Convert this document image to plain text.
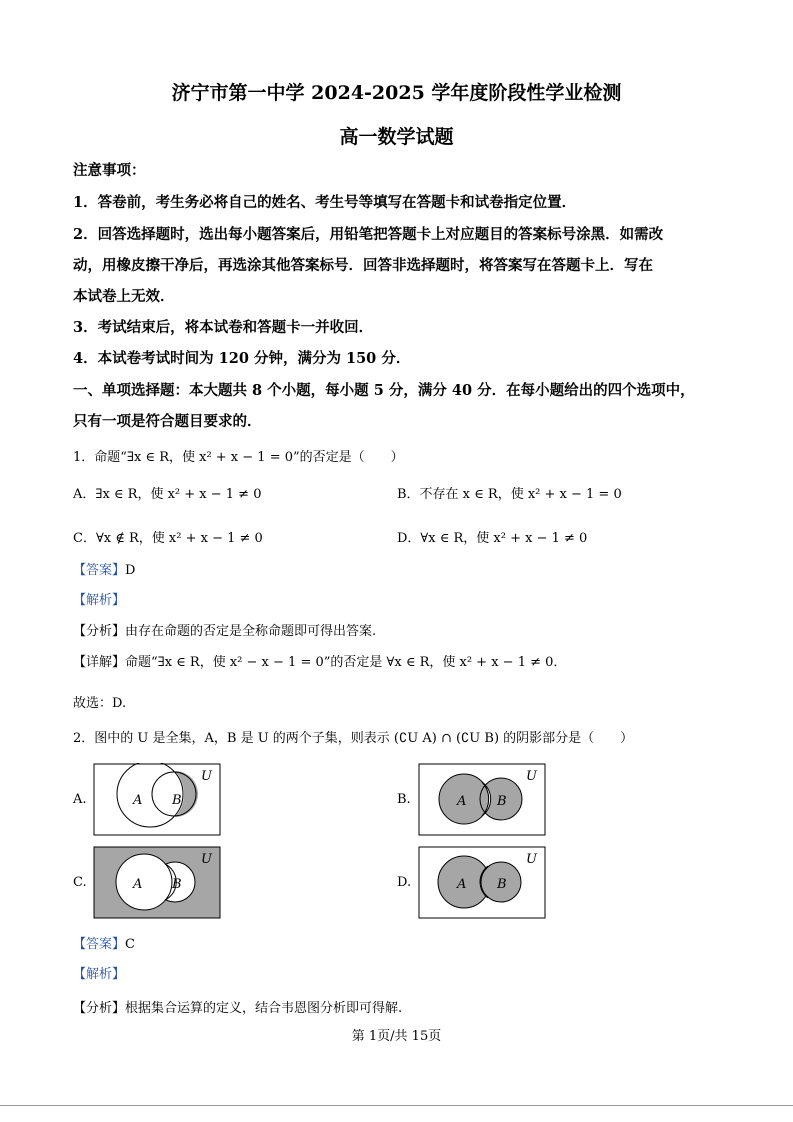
济宁市第一中学 2024-2025 学年度阶段性学业检测
高一数学试题
注意事项：
1．答卷前，考生务必将自己的姓名、考生号等填写在答题卡和试卷指定位置．
2．回答选择题时，选出每小题答案后，用铅笔把答题卡上对应题目的答案标号涂黑．如需改
动，用橡皮擦干净后，再选涂其他答案标号．回答非选择题时，将答案写在答题卡上．写在
本试卷上无效．
3．考试结束后，将本试卷和答题卡一并收回．
4．本试卷考试时间为 120 分钟，满分为 150 分．
一、单项选择题：本大题共 8 个小题，每小题 5 分，满分 40 分．在每小题给出的四个选项中，
只有一项是符合题目要求的．
1．命题“∃x ∈ R，使 x² + x − 1 = 0”的否定是（　　）
A．∃x ∈ R，使 x² + x − 1 ≠ 0	B．不存在 x ∈ R，使 x² + x − 1 = 0
C．∀x ∉ R，使 x² + x − 1 ≠ 0	D．∀x ∈ R，使 x² + x − 1 ≠ 0
【答案】D
【解析】
【分析】由存在命题的否定是全称命题即可得出答案.
【详解】命题“∃x ∈ R，使 x² − x − 1 = 0”的否定是 ∀x ∈ R，使 x² + x − 1 ≠ 0．
故选：D.
2．图中的 U 是全集，A，B 是 U 的两个子集，则表示 (∁U A) ∩ (∁U B) 的阴影部分是（　　）
A.
U
A B	B.
U
A B
C.
U
A B	D.
U
A B
【答案】C
【解析】
【分析】根据集合运算的定义，结合韦恩图分析即可得解.
第 1页/共 15页
